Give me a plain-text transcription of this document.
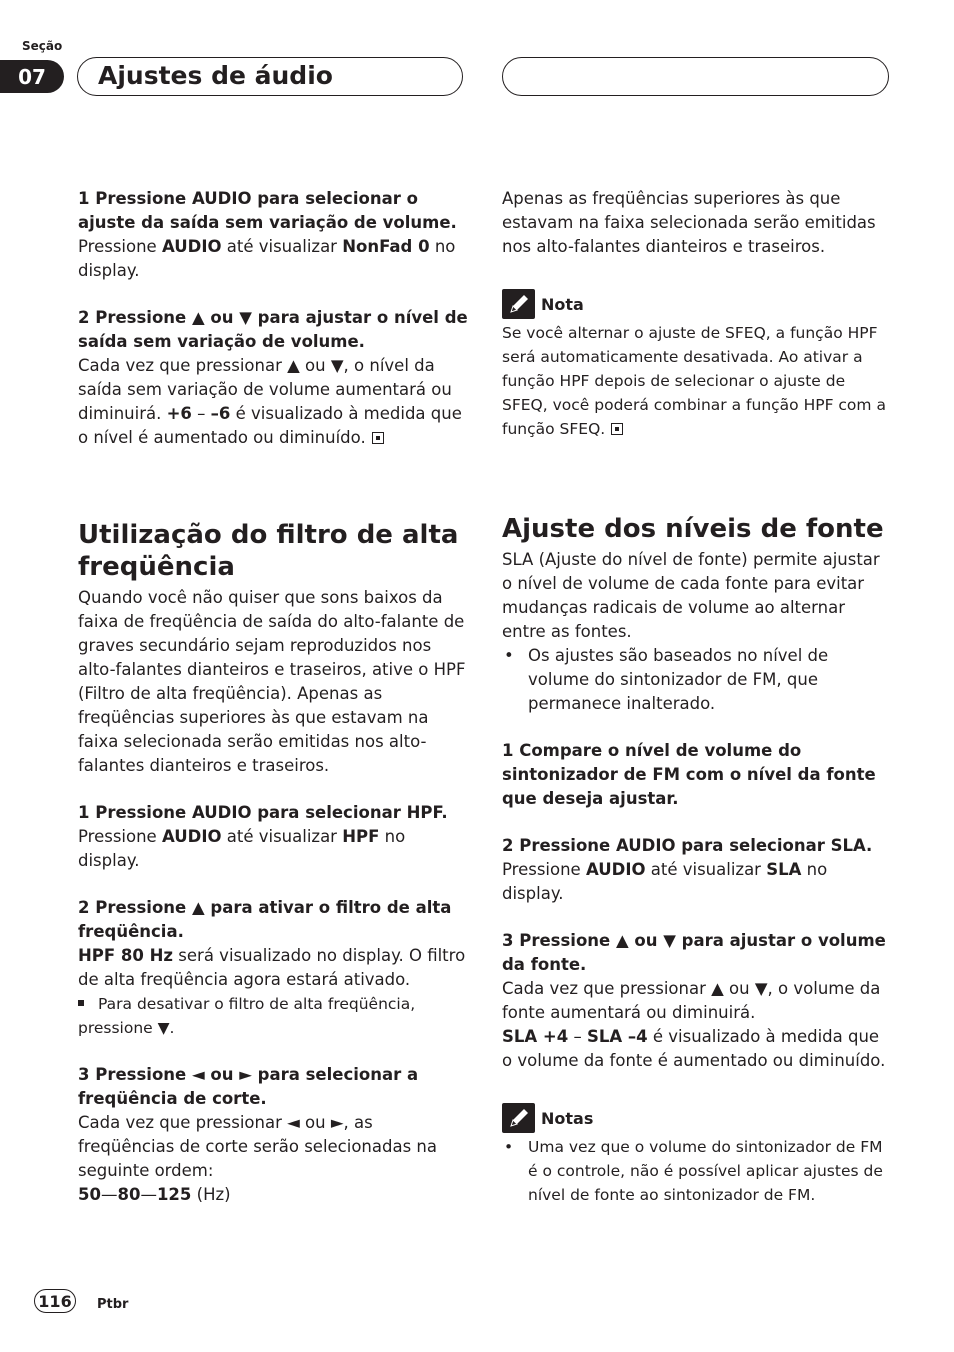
Seção
07	Ajustes de áudio
1 Pressione AUDIO para selecionar o ajuste da saída sem variação de volume.
Pressione AUDIO até visualizar NonFad 0 no display.
2 Pressione ▲ ou ▼ para ajustar o nível de saída sem variação de volume.
Cada vez que pressionar ▲ ou ▼, o nível da saída sem variação de volume aumentará ou diminuirá. +6 – –6 é visualizado à medida que o nível é aumentado ou diminuído.
Utilização do filtro de alta freqüência
Quando você não quiser que sons baixos da faixa de freqüência de saída do alto-falante de graves secundário sejam reproduzidos nos alto-falantes dianteiros e traseiros, ative o HPF (Filtro de alta freqüência). Apenas as freqüências superiores às que estavam na faixa selecionada serão emitidas nos alto-falantes dianteiros e traseiros.
1 Pressione AUDIO para selecionar HPF.
Pressione AUDIO até visualizar HPF no display.
2 Pressione ▲ para ativar o filtro de alta freqüência.
HPF 80 Hz será visualizado no display. O filtro de alta freqüência agora estará ativado.
Para desativar o filtro de alta freqüência, pressione ▼.
3 Pressione ◄ ou ► para selecionar a freqüência de corte.
Cada vez que pressionar ◄ ou ►, as freqüências de corte serão selecionadas na seguinte ordem:
50—80—125 (Hz)
Apenas as freqüências superiores às que estavam na faixa selecionada serão emitidas nos alto-falantes dianteiros e traseiros.
Nota
Se você alternar o ajuste de SFEQ, a função HPF será automaticamente desativada. Ao ativar a função HPF depois de selecionar o ajuste de SFEQ, você poderá combinar a função HPF com a função SFEQ.
Ajuste dos níveis de fonte
SLA (Ajuste do nível de fonte) permite ajustar o nível de volume de cada fonte para evitar mudanças radicais de volume ao alternar entre as fontes.
• Os ajustes são baseados no nível de volume do sintonizador de FM, que permanece inalterado.
1 Compare o nível de volume do sintonizador de FM com o nível da fonte que deseja ajustar.
2 Pressione AUDIO para selecionar SLA.
Pressione AUDIO até visualizar SLA no display.
3 Pressione ▲ ou ▼ para ajustar o volume da fonte.
Cada vez que pressionar ▲ ou ▼, o volume da fonte aumentará ou diminuirá.
SLA +4 – SLA –4 é visualizado à medida que o volume da fonte é aumentado ou diminuído.
Notas
• Uma vez que o volume do sintonizador de FM é o controle, não é possível aplicar ajustes de nível de fonte ao sintonizador de FM.
116	Ptbr
